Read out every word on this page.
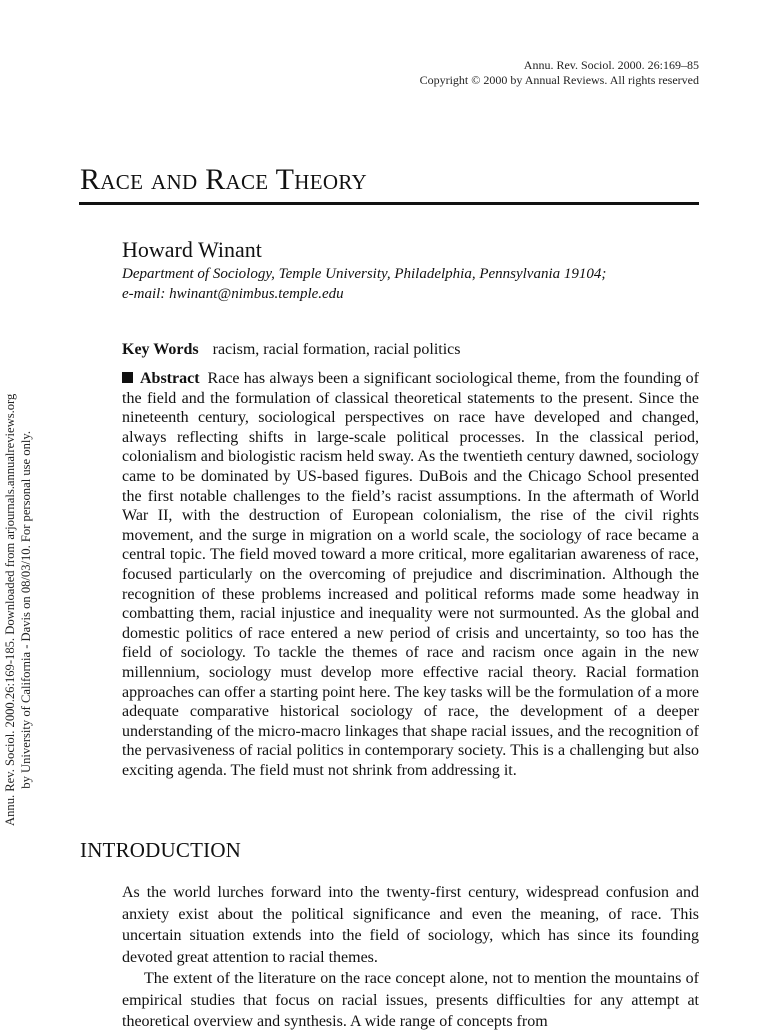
Annu. Rev. Sociol. 2000. 26:169–85
Copyright © 2000 by Annual Reviews. All rights reserved
Race and Race Theory
Howard Winant
Department of Sociology, Temple University, Philadelphia, Pennsylvania 19104;
e-mail: hwinant@nimbus.temple.edu
Key Words racism, racial formation, racial politics

Abstract Race has always been a significant sociological theme, from the founding of the field and the formulation of classical theoretical statements to the present. Since the nineteenth century, sociological perspectives on race have developed and changed, always reflecting shifts in large-scale political processes. In the classical period, colonialism and biologistic racism held sway. As the twentieth century dawned, sociology came to be dominated by US-based figures. DuBois and the Chicago School presented the first notable challenges to the field’s racist assumptions. In the aftermath of World War II, with the destruction of European colonialism, the rise of the civil rights movement, and the surge in migration on a world scale, the sociology of race became a central topic. The field moved toward a more critical, more egalitarian awareness of race, focused particularly on the overcoming of prejudice and discrimination. Although the recognition of these problems increased and political reforms made some headway in combatting them, racial injustice and inequality were not surmounted. As the global and domestic politics of race entered a new period of crisis and uncertainty, so too has the field of sociology. To tackle the themes of race and racism once again in the new millennium, sociology must develop more effective racial theory. Racial formation approaches can offer a starting point here. The key tasks will be the formulation of a more adequate comparative historical sociology of race, the development of a deeper understanding of the micro-macro linkages that shape racial issues, and the recognition of the pervasiveness of racial politics in contemporary society. This is a challenging but also exciting agenda. The field must not shrink from addressing it.

INTRODUCTION

As the world lurches forward into the twenty-first century, widespread confusion and anxiety exist about the political significance and even the meaning, of race. This uncertain situation extends into the field of sociology, which has since its founding devoted great attention to racial themes.

The extent of the literature on the race concept alone, not to mention the mountains of empirical studies that focus on racial issues, presents difficulties for any attempt at theoretical overview and synthesis. A wide range of concepts from

Annu. Rev. Sociol. 2000.26:169-185. Downloaded from arjournals.annualreviews.org by University of California - Davis on 08/03/10. For personal use only.
